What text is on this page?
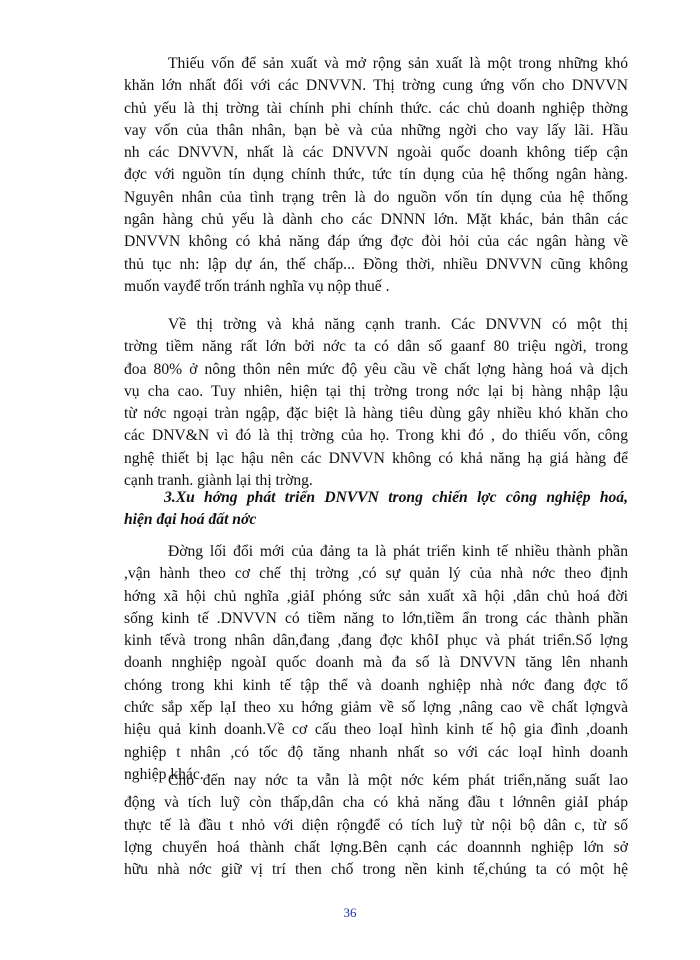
Thiếu vốn để sản xuất và mở rộng sản xuất là một trong những khó
khăn lớn nhất đối với các DNVVN. Thị trờng cung ứng vốn cho DNVVN
chủ yếu là thị trờng tài chính phi chính thức. các chủ doanh nghiệp thờng
vay vốn của thân nhân, bạn bè và của những ngời cho vay lấy lãi. Hầu
nh các DNVVN, nhất là các DNVVN ngoài quốc doanh không tiếp cận
đợc với nguồn tín dụng chính thức, tức tín dụng của hệ thống ngân hàng.
Nguyên nhân của tình trạng trên là do nguồn vốn tín dụng của hệ thống
ngân hàng chủ yếu là dành cho các DNNN lớn. Mặt khác, bản thân các
DNVVN không có khả năng đáp ứng đợc đòi hỏi của các ngân hàng về
thủ tục nh: lập dự án, thế chấp... Đồng thời, nhiều DNVVN cũng không
muốn vayđể trốn tránh nghĩa vụ nộp thuế .
Về thị trờng và khả năng cạnh tranh. Các DNVVN có một thị
trờng tiềm năng rất lớn bởi nớc ta có dân số gaanf 80 triệu ngời, trong
đoa 80% ở nông thôn nên mức độ yêu cầu về chất lợng hàng hoá và dịch
vụ cha cao. Tuy nhiên, hiện tại thị trờng trong nớc lại bị hàng nhập lậu
từ nớc ngoại tràn ngập, đặc biệt là hàng tiêu dùng gây nhiều khó khăn cho
các DNV&N vì đó là thị trờng của họ. Trong khi đó , do thiếu vốn, công
nghệ thiết bị lạc hậu nên các DNVVN không có khả năng hạ giá hàng để
cạnh tranh. giành lại thị trờng.
3.Xu hớng phát triển DNVVN trong chiến lợc công nghiệp hoá,
hiện đại hoá đất nớc
Đờng lối đổi mới của đảng ta là phát triển kinh tế nhiều thành phần
,vận hành theo cơ chế thị trờng ,có sự quản lý của nhà nớc theo định
hớng xã hội chủ nghĩa ,giảI phóng sức sản xuất xã hội ,dân chủ hoá đời
sống kinh tế .DNVVN có tiềm năng to lớn,tiềm ẩn trong các thành phần
kinh tếvà trong nhân dân,đang ,đang đợc khôI phục và phát triển.Số lợng
doanh nnghiệp ngoàI quốc doanh mà đa số là DNVVN tăng lên nhanh
chóng trong khi kinh tế tập thể và doanh nghiệp nhà nớc đang đợc tổ
chức sắp xếp lạI theo xu hớng giảm về số lợng ,nâng cao về chất lợngvà
hiệu quả kinh doanh.Về cơ cấu theo loạI hình kinh tế hộ gia đình ,doanh
nghiệp t nhân ,có tốc độ tăng nhanh nhất so với các loạI hình doanh
nghiệp khác.
Cho đến nay nớc ta vẫn là một nớc kém phát triển,năng suất lao
động và tích luỹ còn thấp,dân cha có khả năng đầu t lớnnên giảI pháp
thực tế là đầu t nhỏ với diện rộngđể có tích luỹ từ nội bộ dân c, từ số
lợng chuyển hoá thành chất lợng.Bên cạnh các doannnh nghiệp lớn sở
hữu nhà nớc giữ vị trí then chố trong nền kinh tế,chúng ta có một hệ
36
